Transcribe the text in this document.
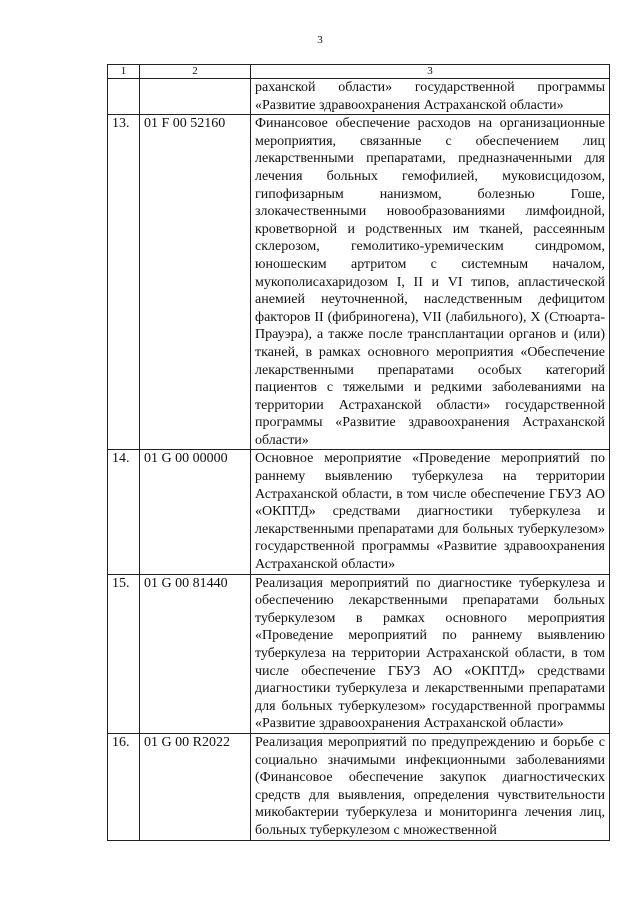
3
1	2	3
		раханской области» государственной программы «Развитие здравоохранения Астраханской области»
13.	01 F 00 52160	Финансовое обеспечение расходов на организационные мероприятия, связанные с обеспечением лиц лекарственными препаратами, предназначенными для лечения больных гемофилией, муковисцидозом, гипофизарным нанизмом, болезнью Гоше, злокачественными новообразованиями лимфоидной, кроветворной и родственных им тканей, рассеянным склерозом, гемолитико-уремическим синдромом, юношеским артритом с системным началом, мукополисахаридозом I, II и VI типов, апластической анемией неуточненной, наследственным дефицитом факторов II (фибриногена), VII (лабильного), X (Стюарта-Прауэра), а также после трансплантации органов и (или) тканей, в рамках основного мероприятия «Обеспечение лекарственными препаратами особых категорий пациентов с тяжелыми и редкими заболеваниями на территории Астраханской области» государственной программы «Развитие здравоохранения Астраханской области»
14.	01 G 00 00000	Основное мероприятие «Проведение мероприятий по раннему выявлению туберкулеза на территории Астраханской области, в том числе обеспечение ГБУЗ АО «ОКПТД» средствами диагностики туберкулеза и лекарственными препаратами для больных туберкулезом» государственной программы «Развитие здравоохранения Астраханской области»
15.	01 G 00 81440	Реализация мероприятий по диагностике туберкулеза и обеспечению лекарственными препаратами больных туберкулезом в рамках основного мероприятия «Проведение мероприятий по раннему выявлению туберкулеза на территории Астраханской области, в том числе обеспечение ГБУЗ АО «ОКПТД» средствами диагностики туберкулеза и лекарственными препаратами для больных туберкулезом» государственной программы «Развитие здравоохранения Астраханской области»
16.	01 G 00 R2022	Реализация мероприятий по предупреждению и борьбе с социально значимыми инфекционными заболеваниями (Финансовое обеспечение закупок диагностических средств для выявления, определения чувствительности микобактерии туберкулеза и мониторинга лечения лиц, больных туберкулезом с множественной
